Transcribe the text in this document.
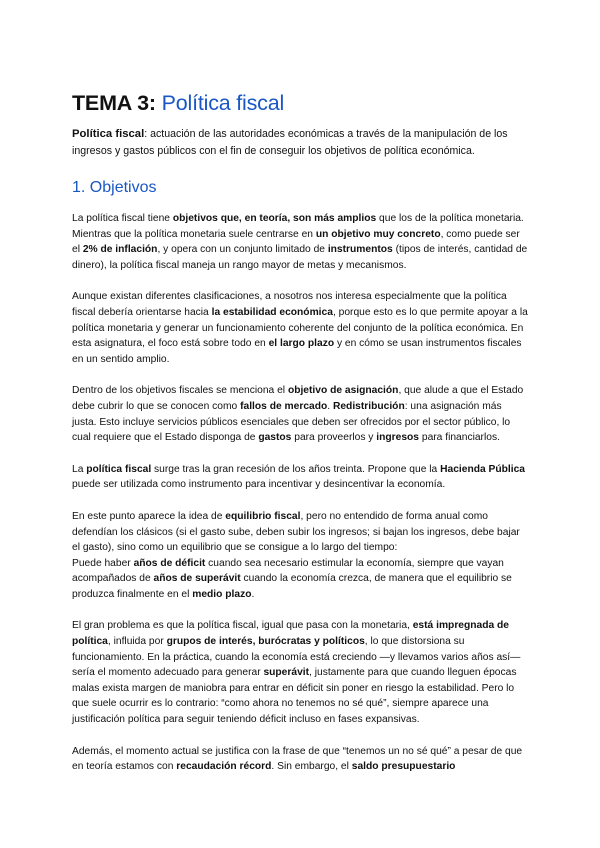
TEMA 3: Política fiscal

Política fiscal: actuación de las autoridades económicas a través de la manipulación de los ingresos y gastos públicos con el fin de conseguir los objetivos de política económica.

1. Objetivos

La política fiscal tiene objetivos que, en teoría, son más amplios que los de la política monetaria. Mientras que la política monetaria suele centrarse en un objetivo muy concreto, como puede ser el 2% de inflación, y opera con un conjunto limitado de instrumentos (tipos de interés, cantidad de dinero), la política fiscal maneja un rango mayor de metas y mecanismos.

Aunque existan diferentes clasificaciones, a nosotros nos interesa especialmente que la política fiscal debería orientarse hacia la estabilidad económica, porque esto es lo que permite apoyar a la política monetaria y generar un funcionamiento coherente del conjunto de la política económica. En esta asignatura, el foco está sobre todo en el largo plazo y en cómo se usan instrumentos fiscales en un sentido amplio.

Dentro de los objetivos fiscales se menciona el objetivo de asignación, que alude a que el Estado debe cubrir lo que se conocen como fallos de mercado. Redistribución: una asignación más justa. Esto incluye servicios públicos esenciales que deben ser ofrecidos por el sector público, lo cual requiere que el Estado disponga de gastos para proveerlos y ingresos para financiarlos.

La política fiscal surge tras la gran recesión de los años treinta. Propone que la Hacienda Pública puede ser utilizada como instrumento para incentivar y desincentivar la economía.

En este punto aparece la idea de equilibrio fiscal, pero no entendido de forma anual como defendían los clásicos (si el gasto sube, deben subir los ingresos; si bajan los ingresos, debe bajar el gasto), sino como un equilibrio que se consigue a lo largo del tiempo:
Puede haber años de déficit cuando sea necesario estimular la economía, siempre que vayan acompañados de años de superávit cuando la economía crezca, de manera que el equilibrio se produzca finalmente en el medio plazo.

El gran problema es que la política fiscal, igual que pasa con la monetaria, está impregnada de política, influida por grupos de interés, burócratas y políticos, lo que distorsiona su funcionamiento. En la práctica, cuando la economía está creciendo —y llevamos varios años así— sería el momento adecuado para generar superávit, justamente para que cuando lleguen épocas malas exista margen de maniobra para entrar en déficit sin poner en riesgo la estabilidad. Pero lo que suele ocurrir es lo contrario: “como ahora no tenemos no sé qué”, siempre aparece una justificación política para seguir teniendo déficit incluso en fases expansivas.

Además, el momento actual se justifica con la frase de que “tenemos un no sé qué” a pesar de que en teoría estamos con recaudación récord. Sin embargo, el saldo presupuestario
